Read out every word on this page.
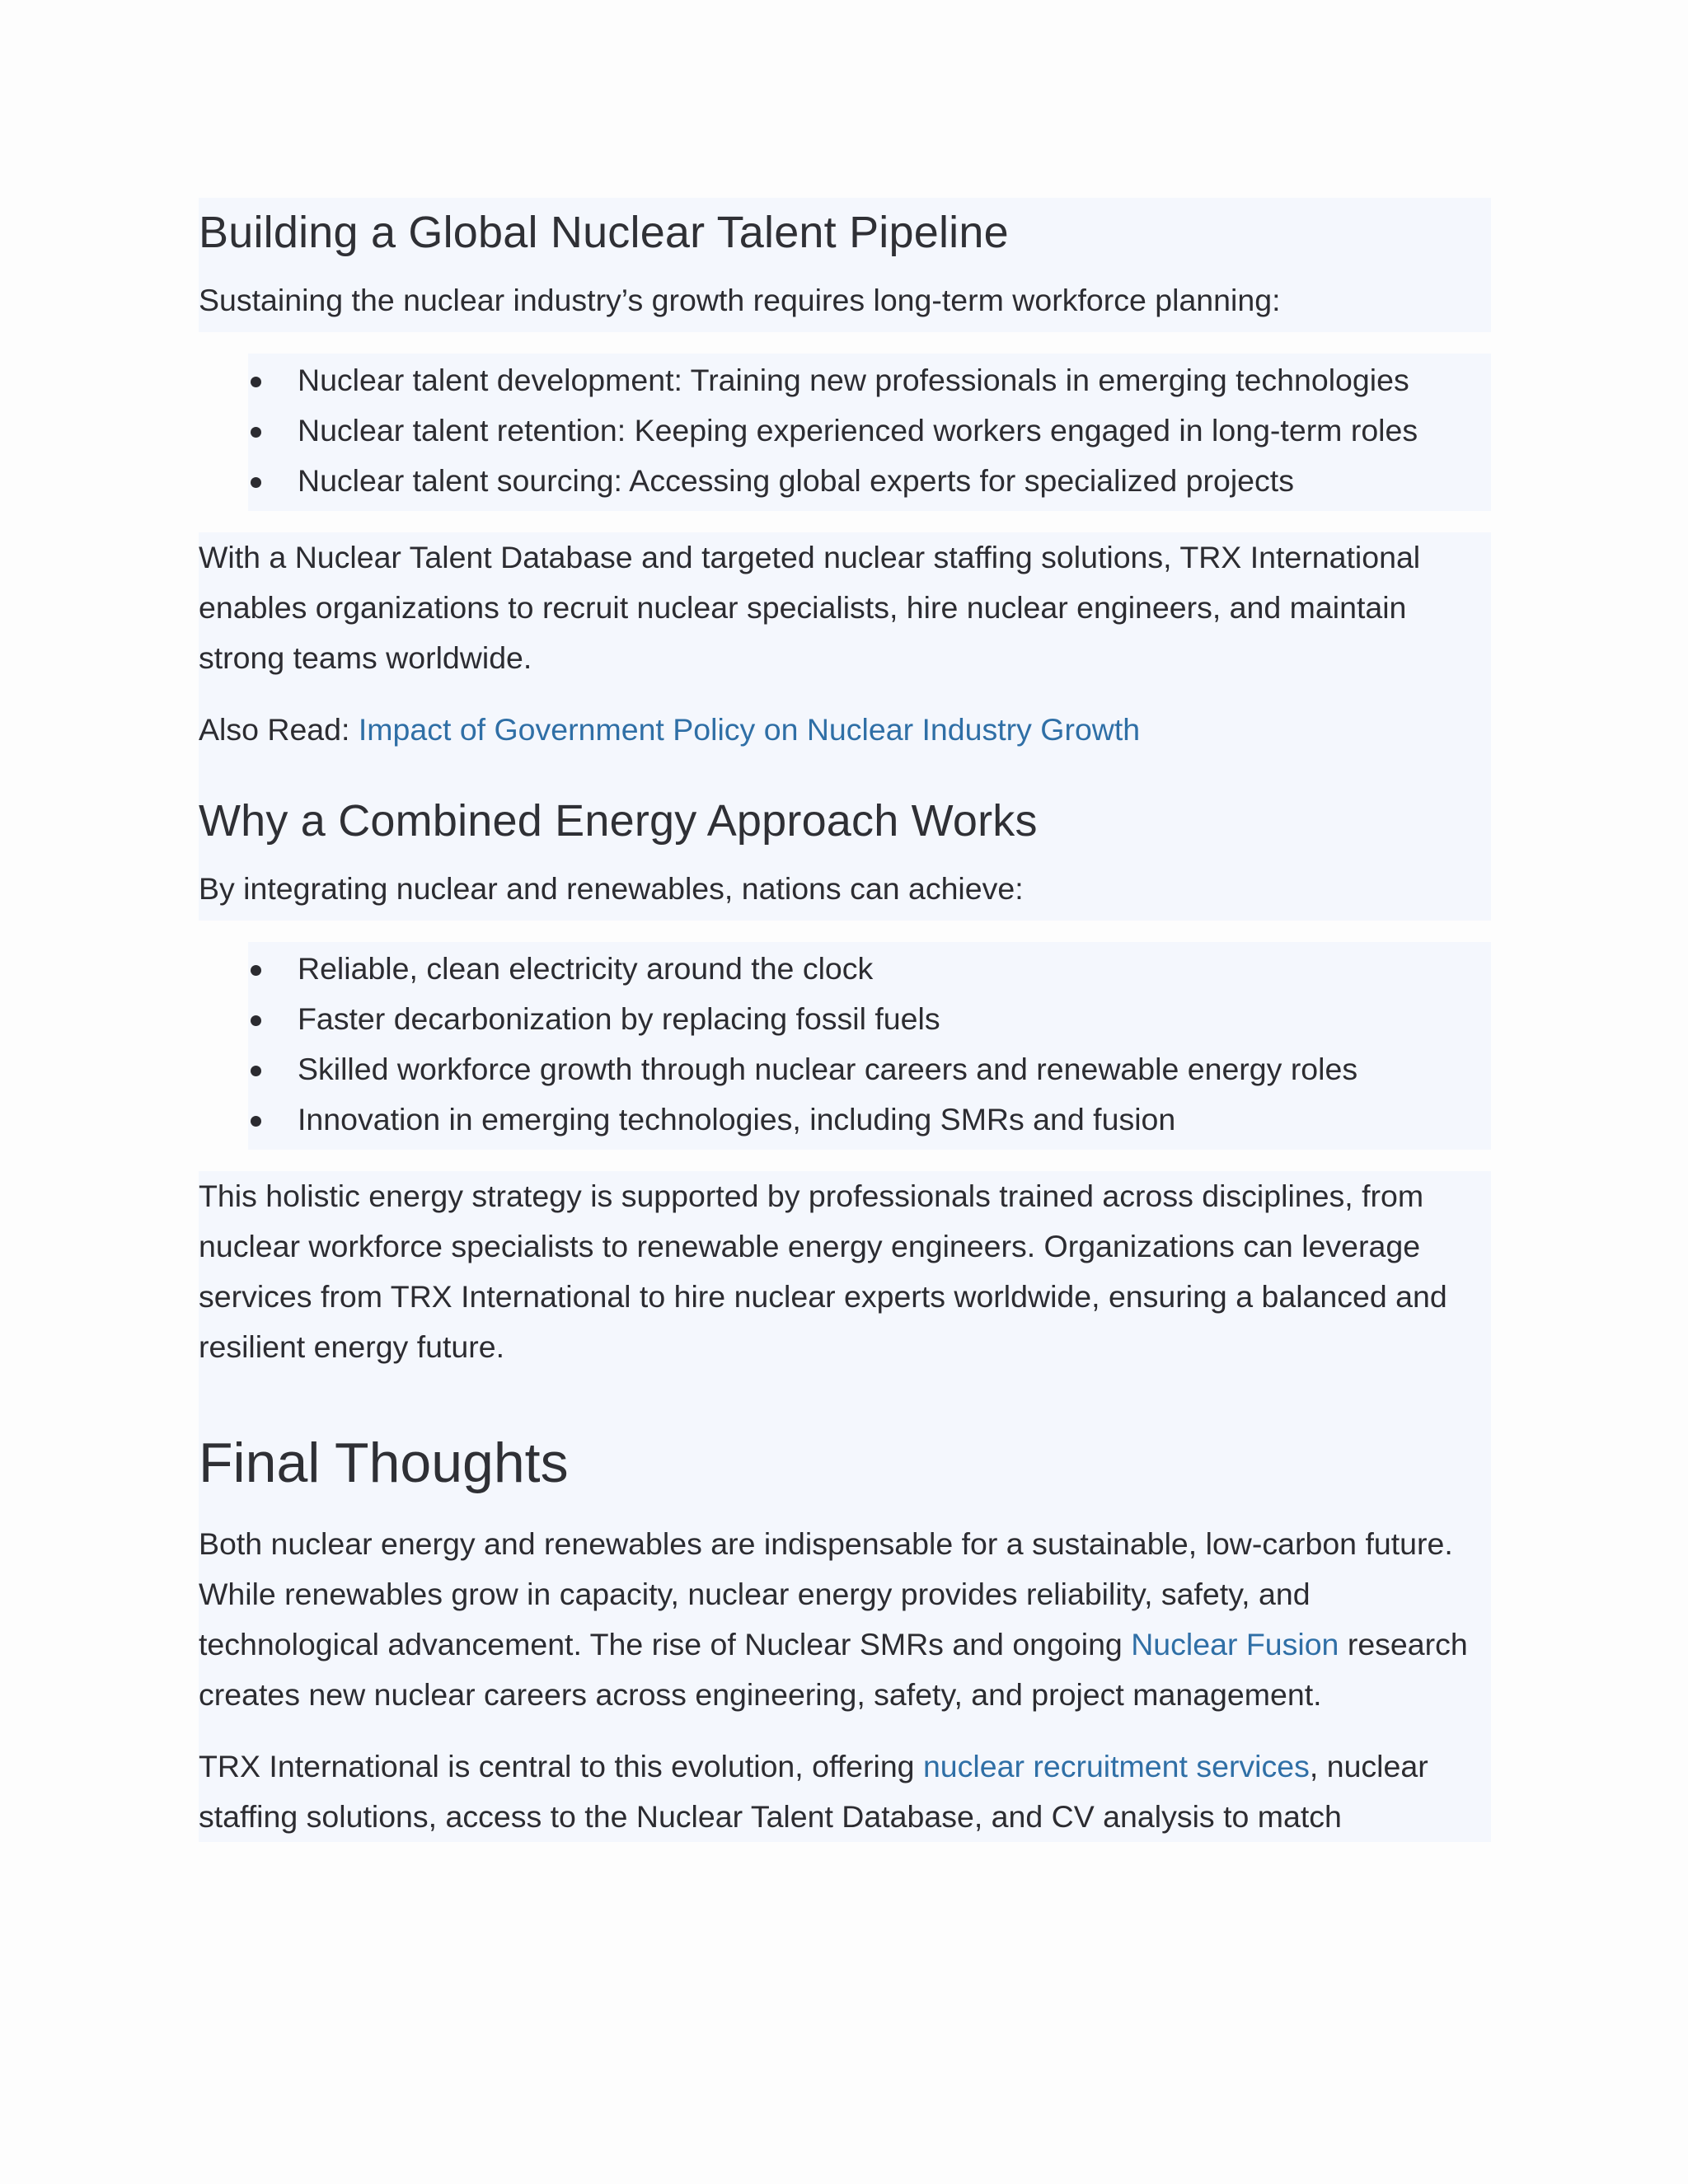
Building a Global Nuclear Talent Pipeline

Sustaining the nuclear industry’s growth requires long-term workforce planning:

Nuclear talent development: Training new professionals in emerging technologies
Nuclear talent retention: Keeping experienced workers engaged in long-term roles
Nuclear talent sourcing: Accessing global experts for specialized projects

With a Nuclear Talent Database and targeted nuclear staffing solutions, TRX International enables organizations to recruit nuclear specialists, hire nuclear engineers, and maintain strong teams worldwide.

Also Read: Impact of Government Policy on Nuclear Industry Growth

Why a Combined Energy Approach Works

By integrating nuclear and renewables, nations can achieve:

Reliable, clean electricity around the clock
Faster decarbonization by replacing fossil fuels
Skilled workforce growth through nuclear careers and renewable energy roles
Innovation in emerging technologies, including SMRs and fusion

This holistic energy strategy is supported by professionals trained across disciplines, from nuclear workforce specialists to renewable energy engineers. Organizations can leverage services from TRX International to hire nuclear experts worldwide, ensuring a balanced and resilient energy future.

Final Thoughts

Both nuclear energy and renewables are indispensable for a sustainable, low-carbon future. While renewables grow in capacity, nuclear energy provides reliability, safety, and technological advancement. The rise of Nuclear SMRs and ongoing Nuclear Fusion research creates new nuclear careers across engineering, safety, and project management.

TRX International is central to this evolution, offering nuclear recruitment services, nuclear staffing solutions, access to the Nuclear Talent Database, and CV analysis to match
